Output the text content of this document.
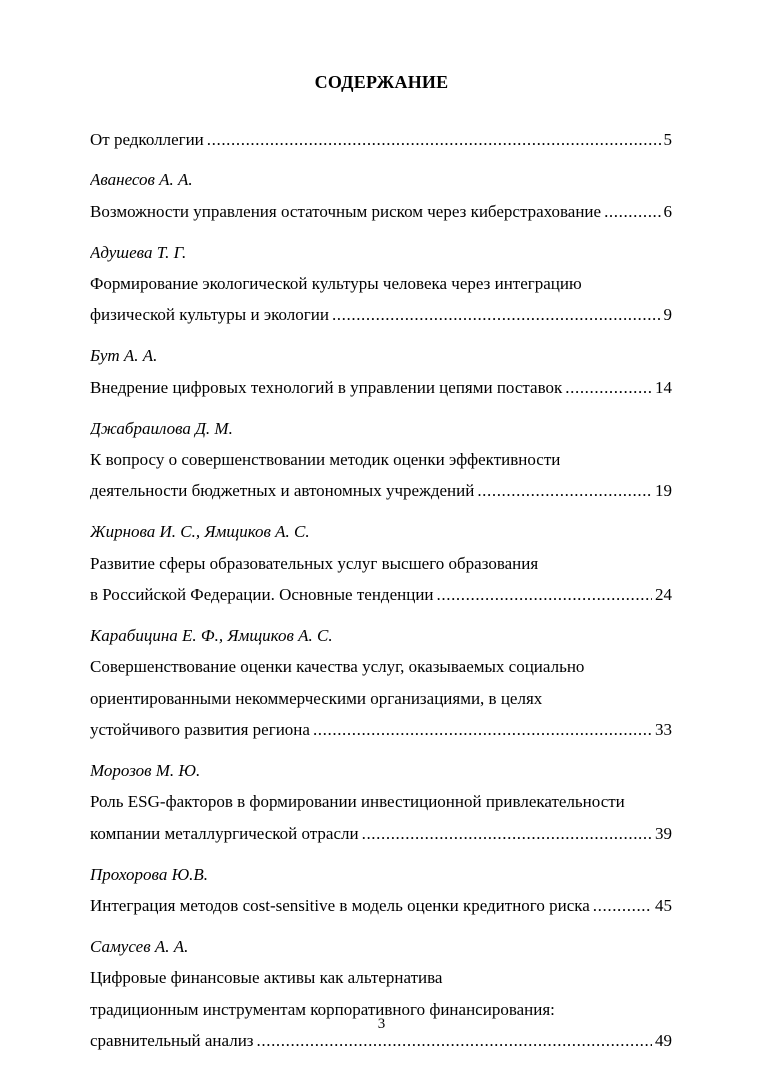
СОДЕРЖАНИЕ
От редколлегии .....	5
Аванесов А. А.
Возможности управления остаточным риском через киберстрахование .....	6
Адушева Т. Г.
Формирование экологической культуры человека через интеграцию
физической культуры и экологии .....	9
Бут А. А.
Внедрение цифровых технологий в управлении цепями поставок .....	14
Джабраилова Д. М.
К вопросу о совершенствовании методик оценки эффективности
деятельности бюджетных и автономных учреждений .....	19
Жирнова И. С., Ямщиков А. С.
Развитие сферы образовательных услуг высшего образования
в Российской Федерации. Основные тенденции .....	24
Карабицина Е. Ф., Ямщиков А. С.
Совершенствование оценки качества услуг, оказываемых социально
ориентированными некоммерческими организациями, в целях
устойчивого развития региона .....	33
Морозов М. Ю.
Роль ESG-факторов в формировании инвестиционной привлекательности
компании металлургической отрасли .....	39
Прохорова Ю.В.
Интеграция методов cost-sensitive в модель оценки кредитного риска .....	45
Самусев А. А.
Цифровые финансовые активы как альтернатива
традиционным инструментам корпоративного финансирования:
сравнительный анализ .....	49
3
